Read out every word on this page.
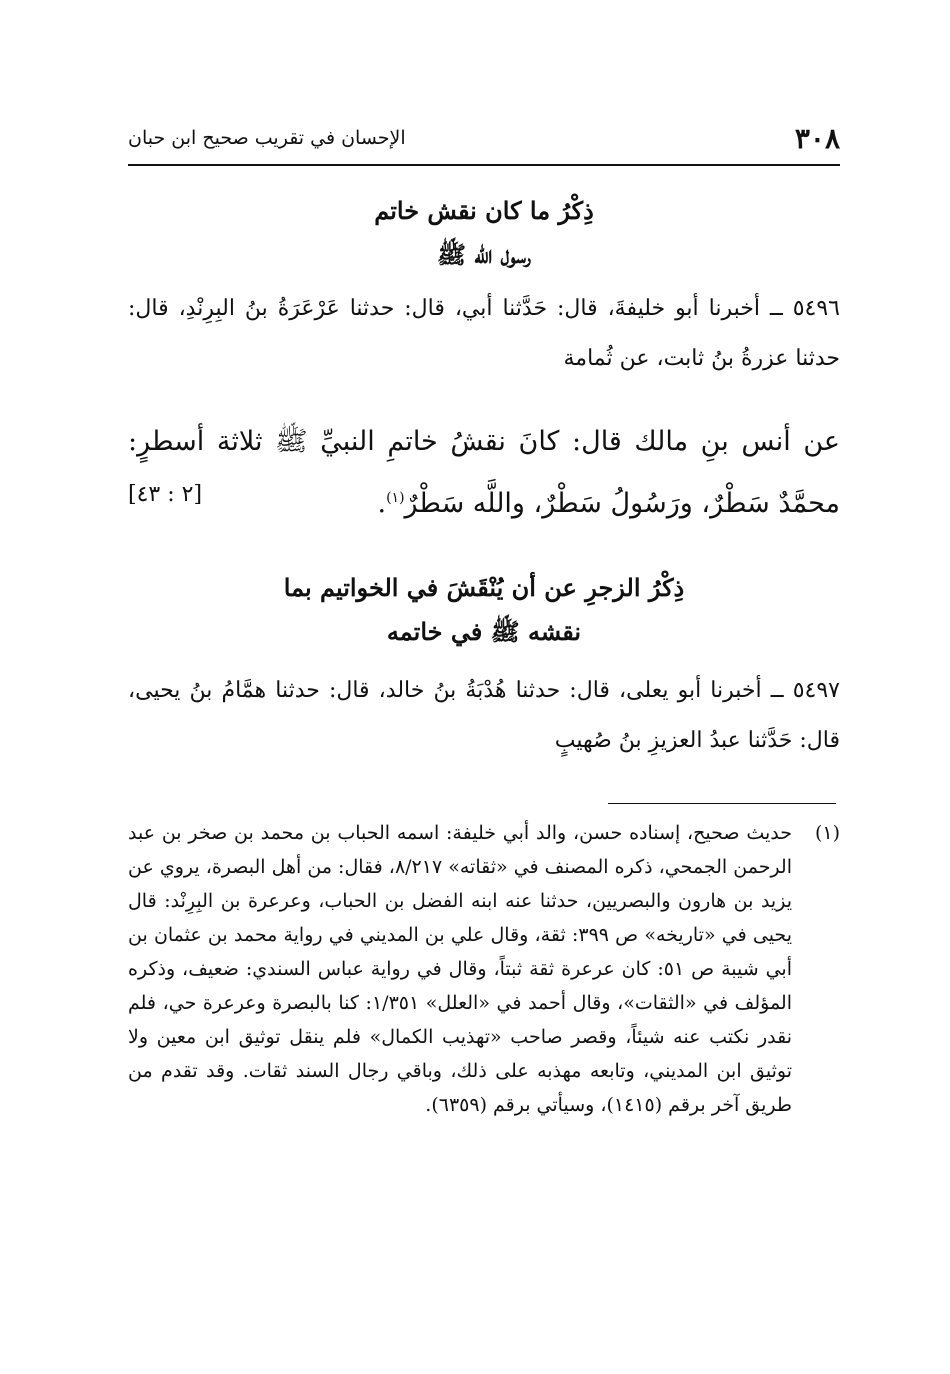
الإحسان في تقريب صحيح ابن حبان	٣٠٨
ذِكْرُ ما كان نقش خاتم
رسول الله ﷺ
٥٤٩٦ ــ أخبرنا أبو خليفةَ، قال: حَدَّثنا أبي، قال: حدثنا عَرْعَرَةُ بنُ البِرِنْدِ، قال: حدثنا عزرةُ بنُ ثابت، عن ثُمامة
عن أنس بنِ مالك قال: كانَ نقشُ خاتمِ النبيِّ ﷺ ثلاثة أسطرٍ: محمَّدٌ سَطْرٌ، ورَسُولُ سَطْرٌ، واللَّه سَطْرٌ$^{(١)}$.
[٢ : ٤٣]
ذِكْرُ الزجرِ عن أن يُنْقَشَ في الخواتيم بما
نقشه ﷺ في خاتمه
٥٤٩٧ ــ أخبرنا أبو يعلى، قال: حدثنا هُدْبَةُ بنُ خالد، قال: حدثنا همَّامُ بنُ يحيى، قال: حَدَّثنا عبدُ العزيزِ بنُ صُهيبٍ
(١)
حديث صحيح، إسناده حسن، والد أبي خليفة: اسمه الحباب بن محمد بن صخر بن عبد الرحمن الجمحي، ذكره المصنف في «ثقاته» ٨/٢١٧، فقال: من أهل البصرة، يروي عن يزيد بن هارون والبصريين، حدثنا عنه ابنه الفضل بن الحباب، وعرعرة بن البِرِنْد: قال يحيى في «تاريخه» ص ٣٩٩: ثقة، وقال علي بن المديني في رواية محمد بن عثمان بن أبي شيبة ص ٥١: كان عرعرة ثقة ثبتاً، وقال في رواية عباس السندي: ضعيف، وذكره المؤلف في «الثقات»، وقال أحمد في «العلل» ١/٣٥١: كنا بالبصرة وعرعرة حي، فلم نقدر نكتب عنه شيئاً، وقصر صاحب «تهذيب الكمال» فلم ينقل توثيق ابن معين ولا توثيق ابن المديني، وتابعه مهذبه على ذلك، وباقي رجال السند ثقات. وقد تقدم من طريق آخر برقم (١٤١٥)، وسيأتي برقم (٦٣٥٩).
